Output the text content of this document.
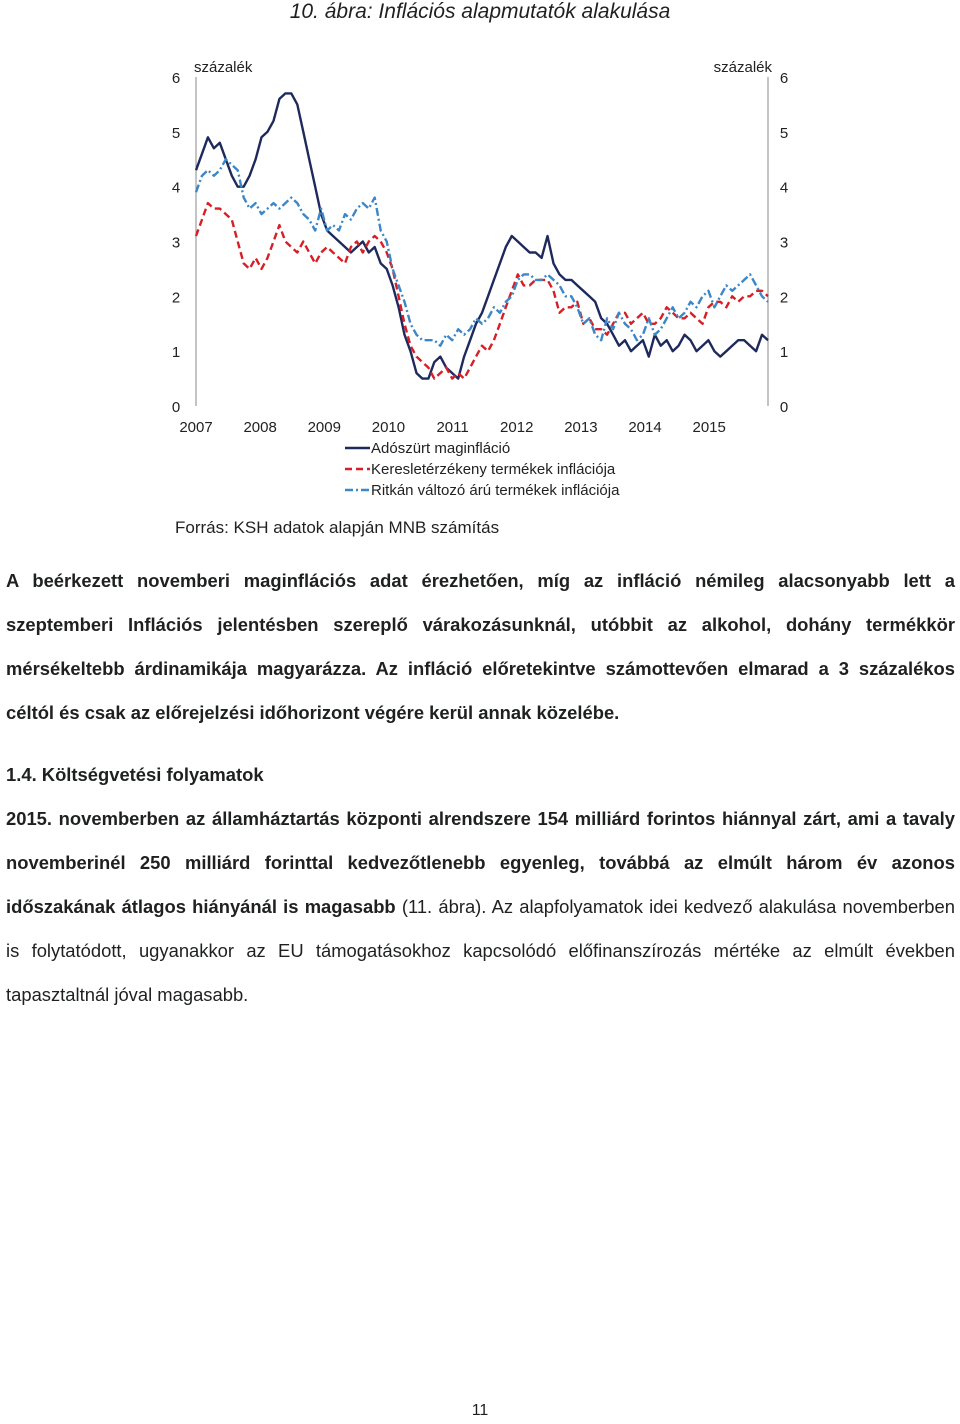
10. ábra: Inflációs alapmutatók alakulása
0	0
1	1
2	2
3	3
4	4
5	5
6	6
százalék	százalék
2007 2008 2009 2010 2011 2012 2013 2014 2015
Adószürt maginfláció
Keresletérzékeny termékek inflációja
Ritkán változó árú termékek inflációja
Forrás: KSH adatok alapján MNB számítás

A beérkezett novemberi maginflációs adat érezhetően, míg az infláció némileg alacsonyabb lett a szeptemberi Inflációs jelentésben szereplő várakozásunknál, utóbbit az alkohol, dohány termékkör mérsékeltebb árdinamikája magyarázza. Az infláció előretekintve számottevően elmarad a 3 százalékos céltól és csak az előrejelzési időhorizont végére kerül annak közelébe.

1.4. Költségvetési folyamatok

2015. novemberben az államháztartás központi alrendszere 154 milliárd forintos hiánnyal zárt, ami a tavaly novemberinél 250 milliárd forinttal kedvezőtlenebb egyenleg, továbbá az elmúlt három év azonos időszakának átlagos hiányánál is magasabb (11. ábra). Az alapfolyamatok idei kedvező alakulása novemberben is folytatódott, ugyanakkor az EU támogatásokhoz kapcsolódó előfinanszírozás mértéke az elmúlt években tapasztaltnál jóval magasabb.

11
